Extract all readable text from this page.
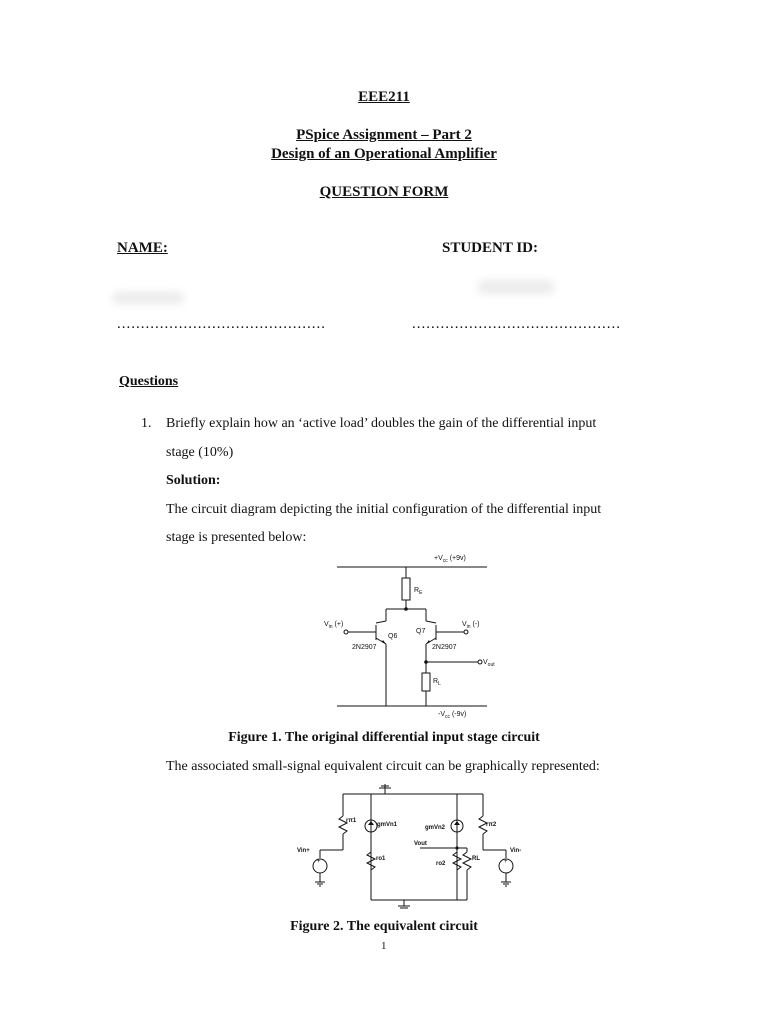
EEE211
PSpice Assignment – Part 2
Design of an Operational Amplifier
QUESTION FORM
NAME:	STUDENT ID:
............................................	............................................
Questions
1. Briefly explain how an ‘active load’ doubles the gain of the differential input
stage (10%)
Solution:
The circuit diagram depicting the initial configuration of the differential input
stage is presented below:
$+V_{cc}$ (+9v)
$R_E$
$V_{in}$ (+)	$V_{in}$ (-)
Q6
Q7
2N2907	2N2907
$V_{out}$
$R_L$
$-V_{cc}$ (-9v)
Figure 1. The original differential input stage circuit
The associated small-signal equivalent circuit can be graphically represented:
+	+
rπ1
gmVn1	gmVn2	rπ2
Vin+	Vin-
Vout
ro1
ro2
RL
Figure 2. The equivalent circuit
1
